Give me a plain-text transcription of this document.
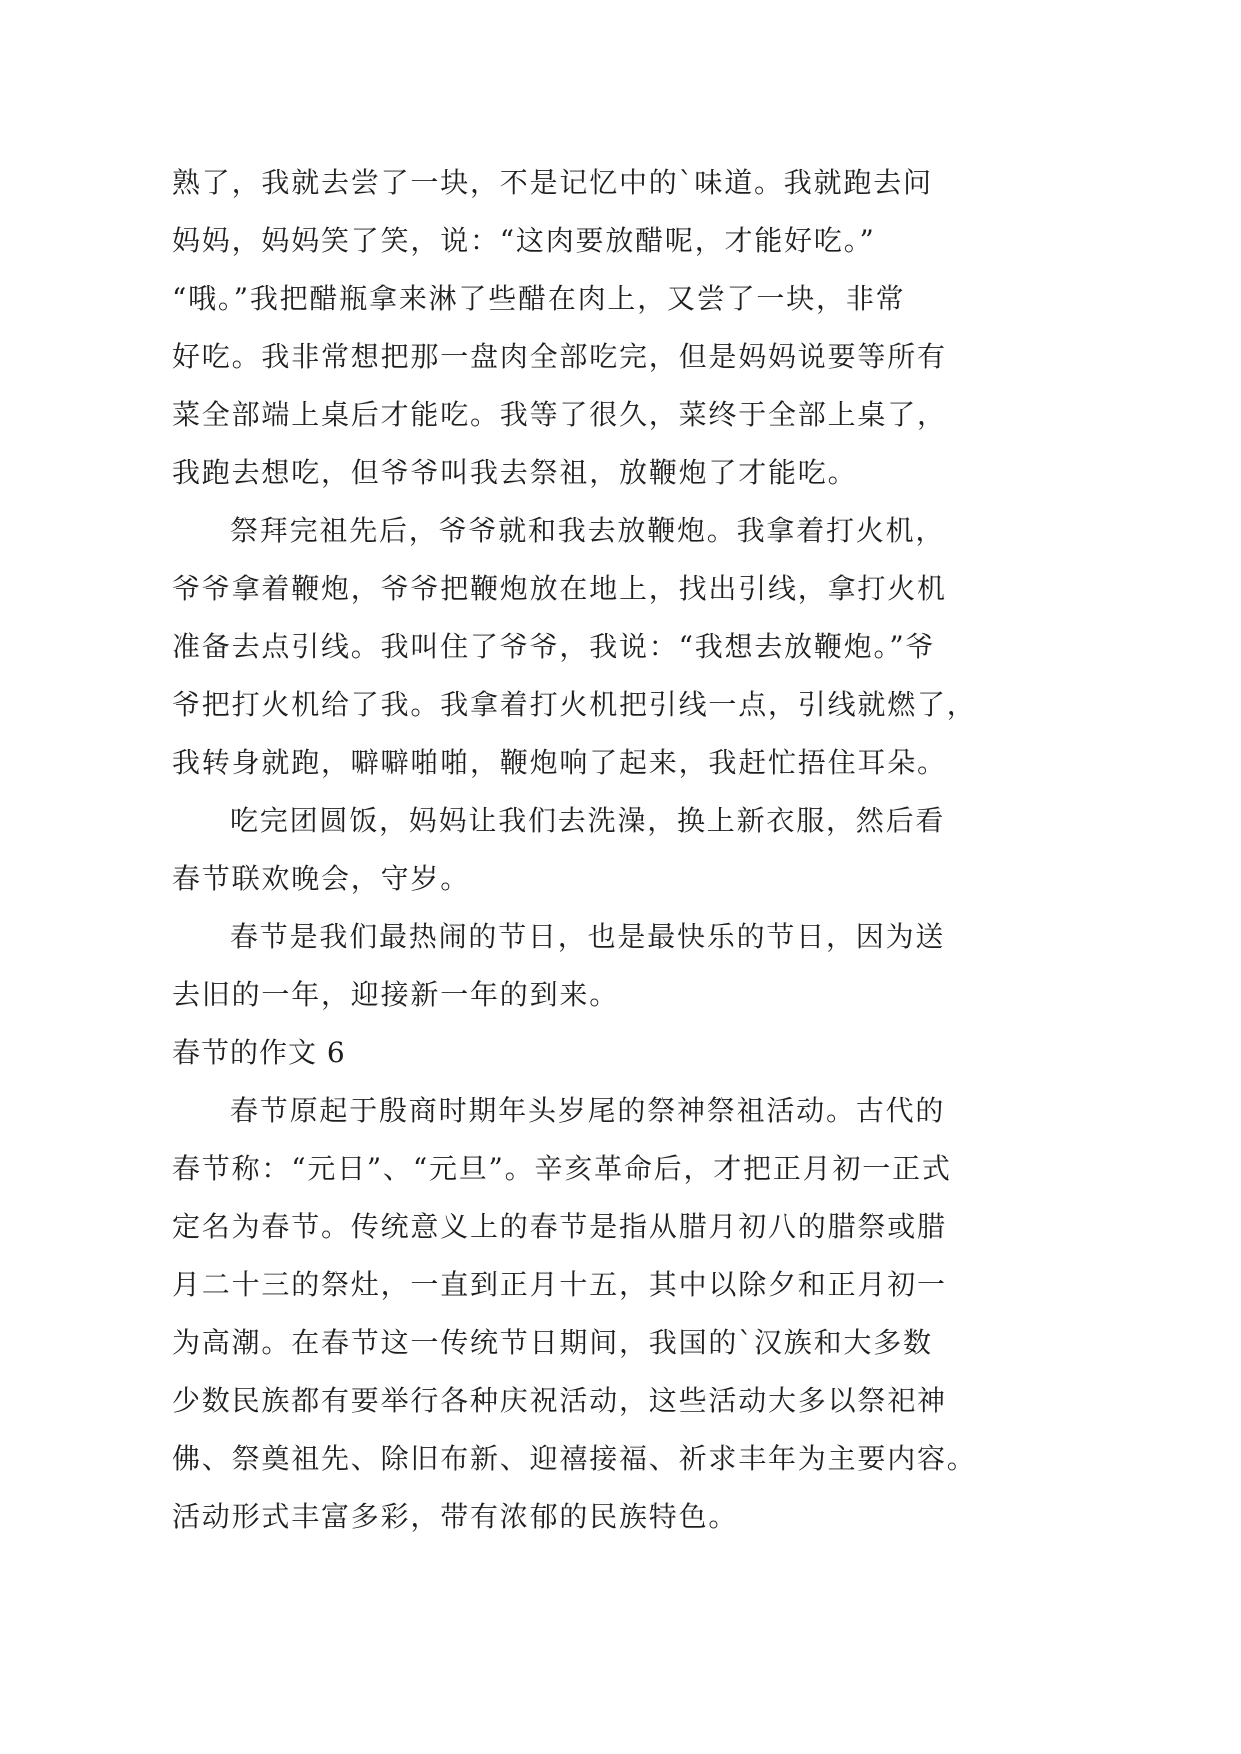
熟了，我就去尝了一块，不是记忆中的`味道。我就跑去问
妈妈，妈妈笑了笑，说：“这肉要放醋呢，才能好吃。”
“哦。”我把醋瓶拿来淋了些醋在肉上，又尝了一块，非常
好吃。我非常想把那一盘肉全部吃完，但是妈妈说要等所有
菜全部端上桌后才能吃。我等了很久，菜终于全部上桌了，
我跑去想吃，但爷爷叫我去祭祖，放鞭炮了才能吃。
祭拜完祖先后，爷爷就和我去放鞭炮。我拿着打火机，
爷爷拿着鞭炮，爷爷把鞭炮放在地上，找出引线，拿打火机
准备去点引线。我叫住了爷爷，我说：“我想去放鞭炮。”爷
爷把打火机给了我。我拿着打火机把引线一点，引线就燃了，
我转身就跑，噼噼啪啪，鞭炮响了起来，我赶忙捂住耳朵。
吃完团圆饭，妈妈让我们去洗澡，换上新衣服，然后看
春节联欢晚会，守岁。
春节是我们最热闹的节日，也是最快乐的节日，因为送
去旧的一年，迎接新一年的到来。
春节的作文 6
春节原起于殷商时期年头岁尾的祭神祭祖活动。古代的
春节称：“元日”、“元旦”。辛亥革命后，才把正月初一正式
定名为春节。传统意义上的春节是指从腊月初八的腊祭或腊
月二十三的祭灶，一直到正月十五，其中以除夕和正月初一
为高潮。在春节这一传统节日期间，我国的`汉族和大多数
少数民族都有要举行各种庆祝活动，这些活动大多以祭祀神
佛、祭奠祖先、除旧布新、迎禧接福、祈求丰年为主要内容。
活动形式丰富多彩，带有浓郁的民族特色。
